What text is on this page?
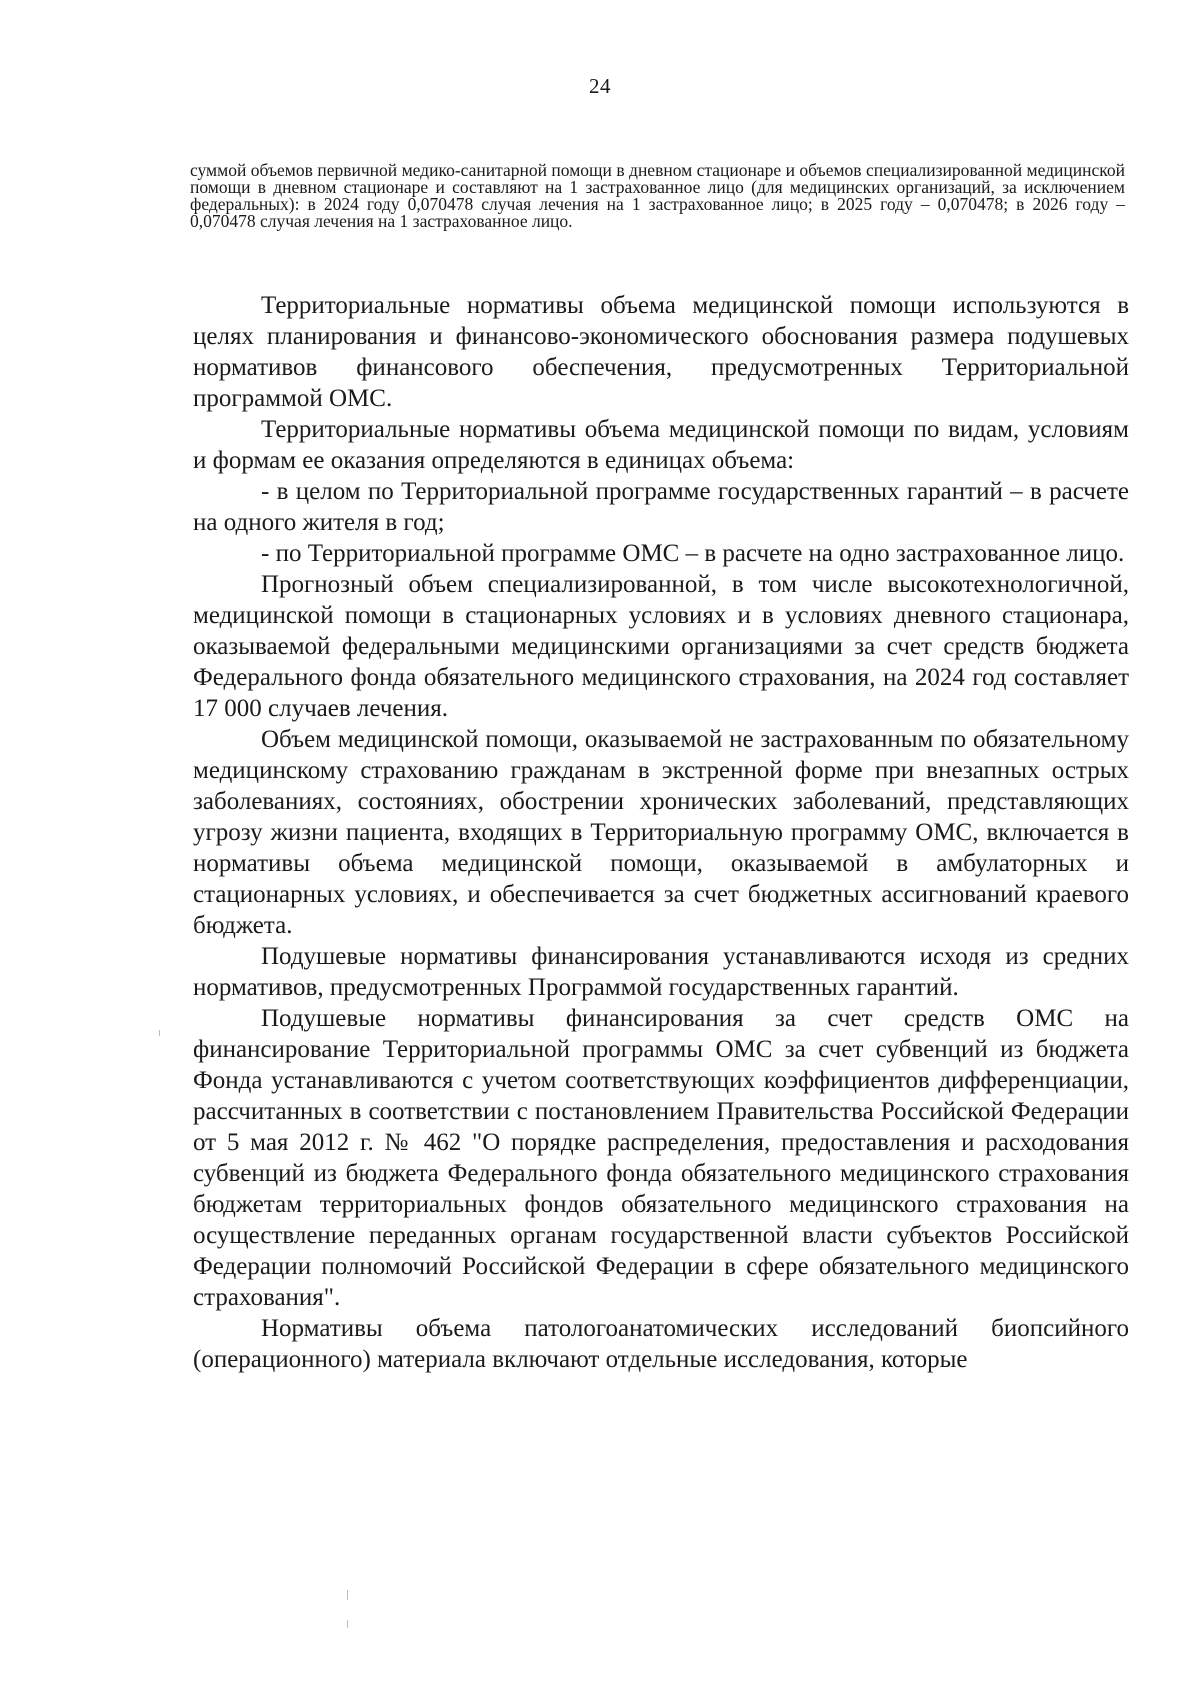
24
суммой объемов первичной медико-санитарной помощи в дневном стационаре и объемов специализированной медицинской помощи в дневном стационаре и составляют на 1 застрахованное лицо (для медицинских организаций, за исключением федеральных): в 2024 году 0,070478 случая лечения на 1 застрахованное лицо; в 2025 году – 0,070478; в 2026 году – 0,070478 случая лечения на 1 застрахованное лицо.

Территориальные нормативы объема медицинской помощи используются в целях планирования и финансово-экономического обоснования размера подушевых нормативов финансового обеспечения, предусмотренных Территориальной программой ОМС.

Территориальные нормативы объема медицинской помощи по видам, условиям и формам ее оказания определяются в единицах объема:

- в целом по Территориальной программе государственных гарантий – в расчете на одного жителя в год;

- по Территориальной программе ОМС – в расчете на одно застрахованное лицо.

Прогнозный объем специализированной, в том числе высокотехнологичной, медицинской помощи в стационарных условиях и в условиях дневного стационара, оказываемой федеральными медицинскими организациями за счет средств бюджета Федерального фонда обязательного медицинского страхования, на 2024 год составляет 17 000 случаев лечения.

Объем медицинской помощи, оказываемой не застрахованным по обязательному медицинскому страхованию гражданам в экстренной форме при внезапных острых заболеваниях, состояниях, обострении хронических заболеваний, представляющих угрозу жизни пациента, входящих в Территориальную программу ОМС, включается в нормативы объема медицинской помощи, оказываемой в амбулаторных и стационарных условиях, и обеспечивается за счет бюджетных ассигнований краевого бюджета.

Подушевые нормативы финансирования устанавливаются исходя из средних нормативов, предусмотренных Программой государственных гарантий.

Подушевые нормативы финансирования за счет средств ОМС на финансирование Территориальной программы ОМС за счет субвенций из бюджета Фонда устанавливаются с учетом соответствующих коэффициентов дифференциации, рассчитанных в соответствии с постановлением Правительства Российской Федерации от 5 мая 2012 г. № 462 "О порядке распределения, предоставления и расходования субвенций из бюджета Федерального фонда обязательного медицинского страхования бюджетам территориальных фондов обязательного медицинского страхования на осуществление переданных органам государственной власти субъектов Российской Федерации полномочий Российской Федерации в сфере обязательного медицинского страхования".

Нормативы объема патологоанатомических исследований биопсийного (операционного) материала включают отдельные исследования, которые
